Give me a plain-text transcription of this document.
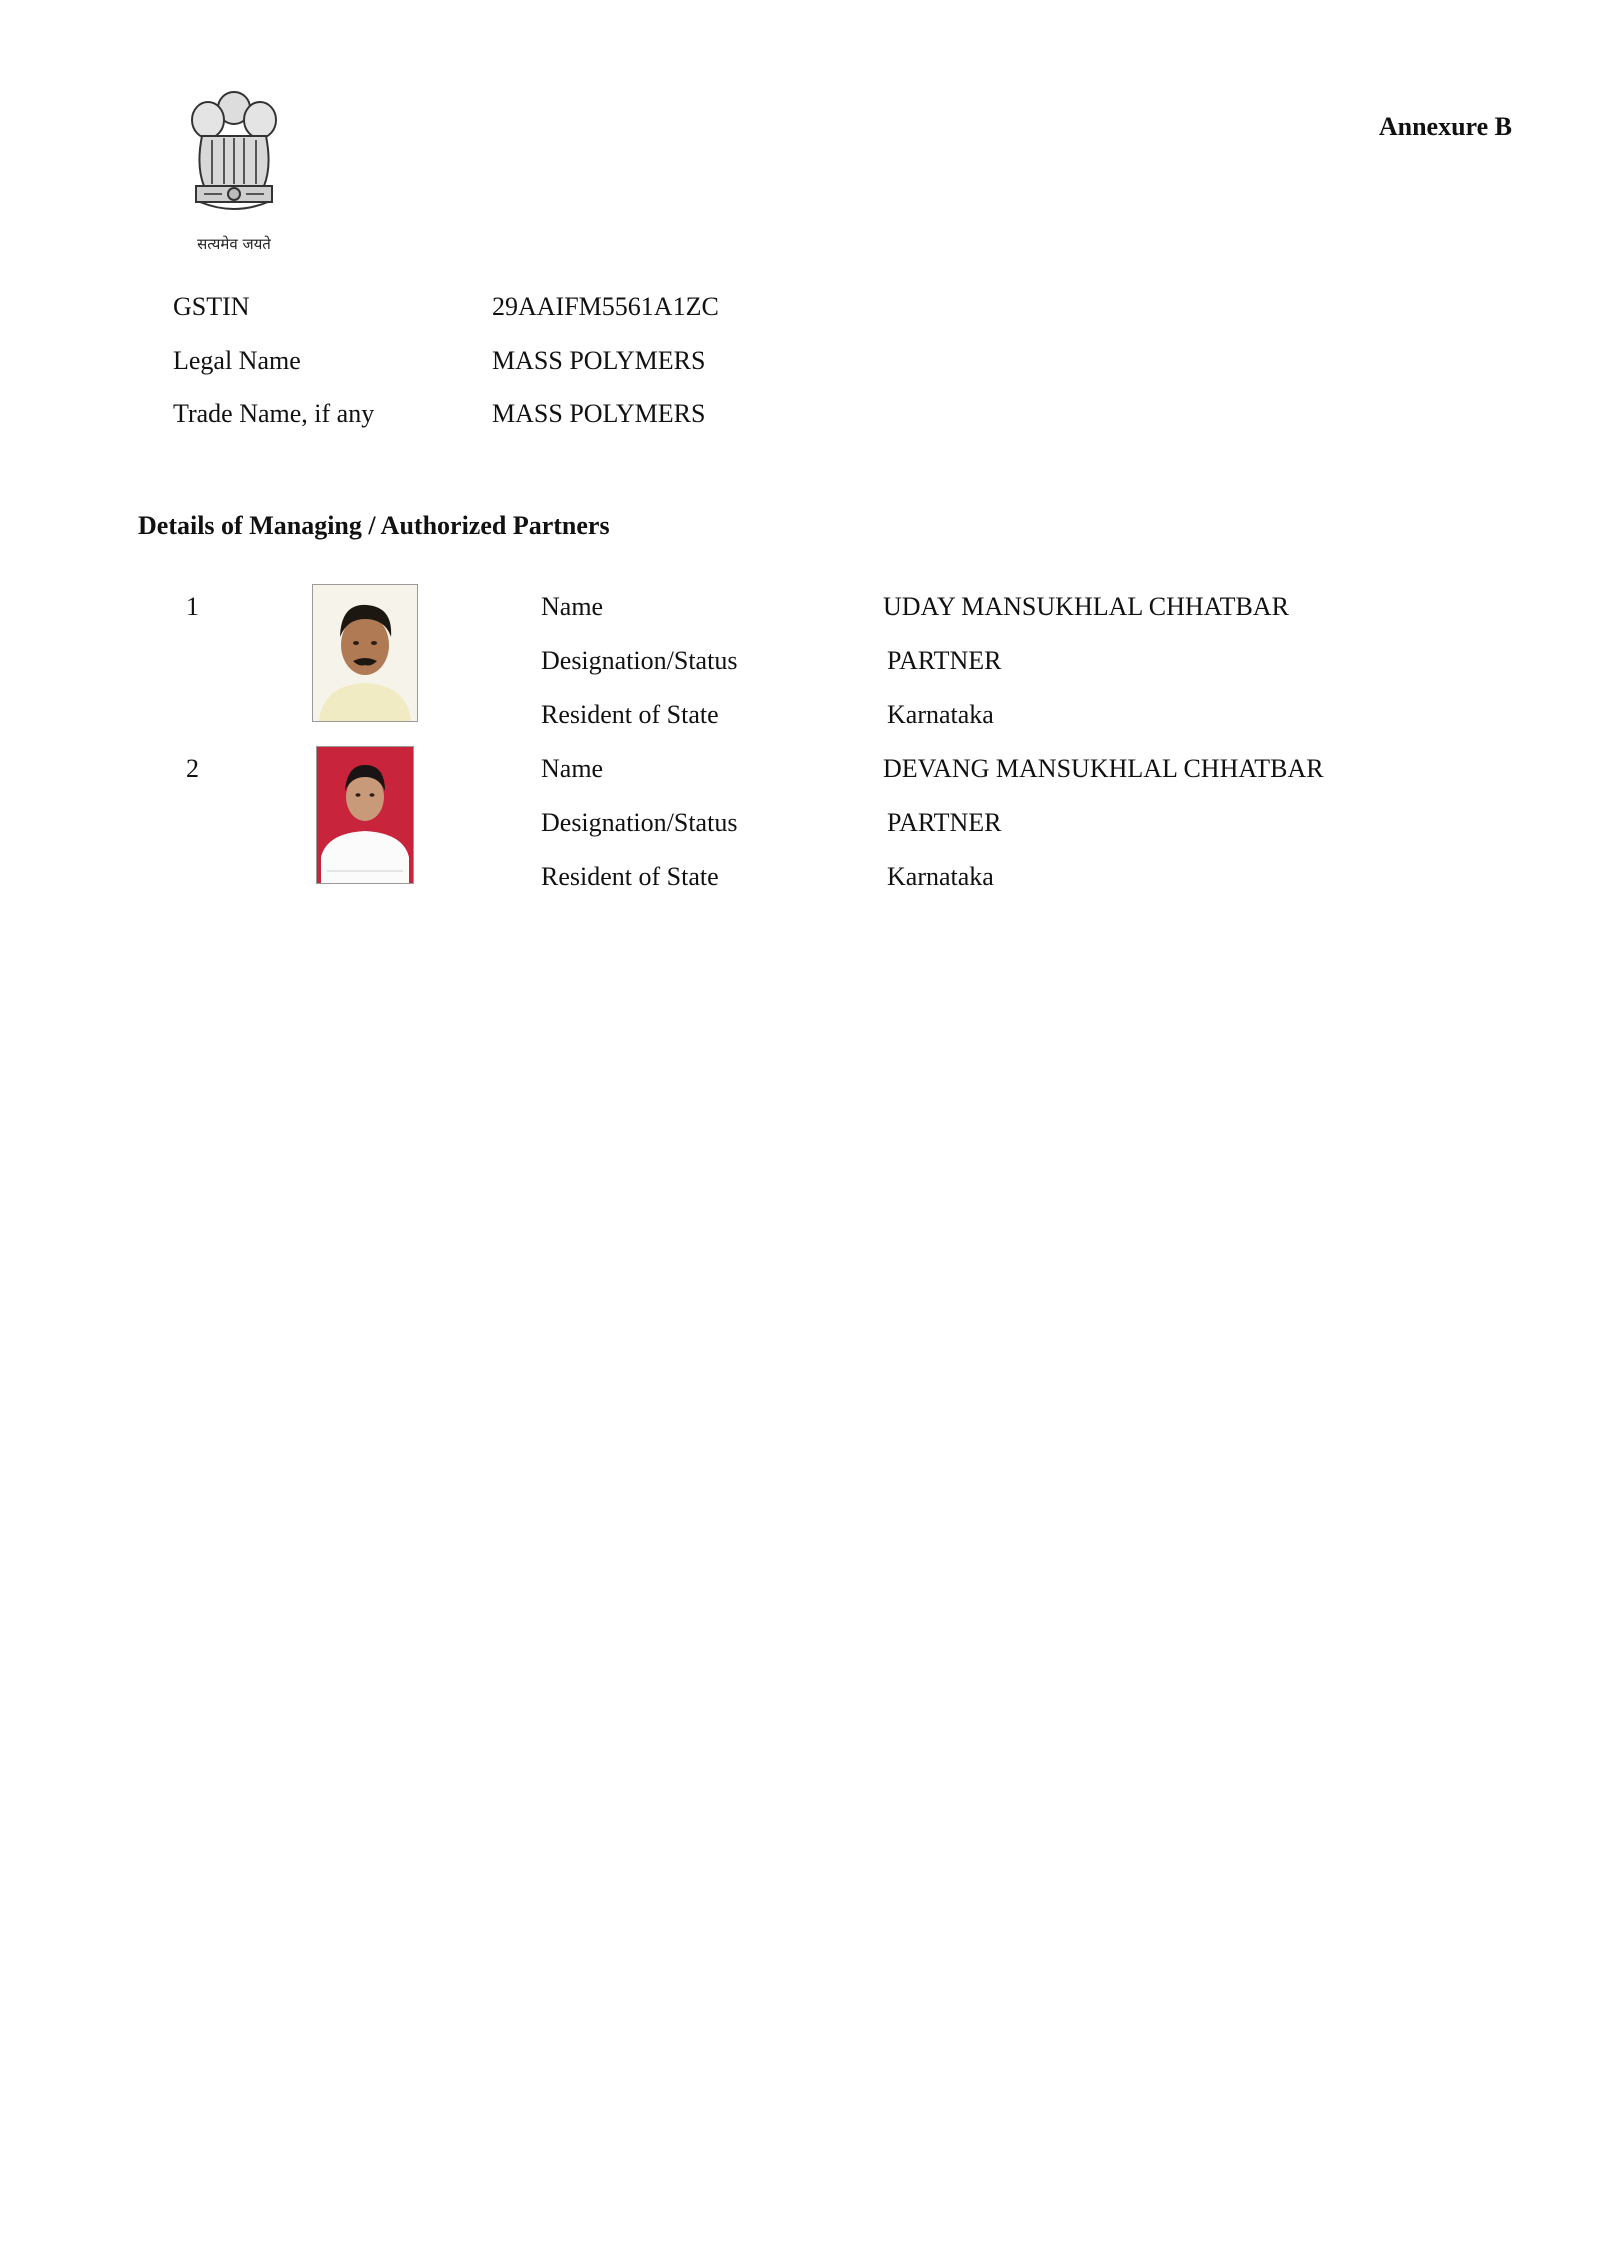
सत्यमेव जयते
Annexure B
GSTIN	29AAIFM5561A1ZC
Legal Name	MASS POLYMERS
Trade Name, if any	MASS POLYMERS
Details of Managing / Authorized Partners
1	Name	UDAY MANSUKHLAL CHHATBAR
Designation/Status	PARTNER
Resident of State	Karnataka
2	Name	DEVANG MANSUKHLAL CHHATBAR
Designation/Status	PARTNER
Resident of State	Karnataka
